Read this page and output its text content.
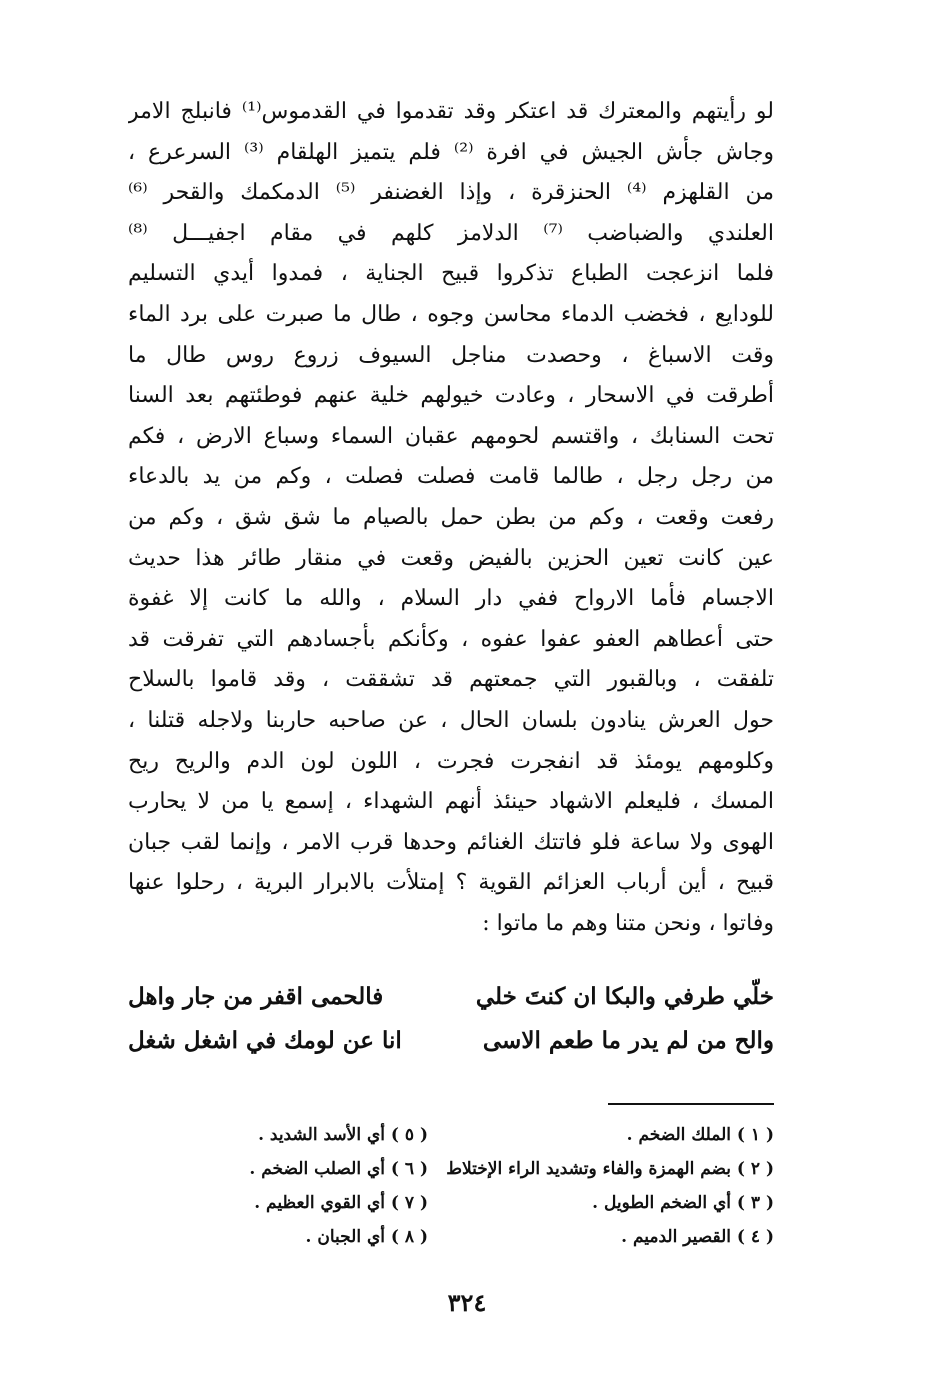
لو رأيتهم والمعترك قد اعتكر وقد تقدموا في القدموس⁽¹⁾ فانبلج الامر
وجاش جأش الجيش في افرة ⁽²⁾ فلم يتميز الهلقام ⁽³⁾ السرعرع ،
من القلهزم ⁽⁴⁾ الحنزقرة ، وإذا الغضنفر ⁽⁵⁾ الدمكمك والقحر ⁽⁶⁾
العلندي والضباضب ⁽⁷⁾ الدلامز كلهم في مقام اجفيـــل ⁽⁸⁾
فلما انزعجت الطباع تذكروا قبيح الجناية ، فمدوا أيدي التسليم
للودايع ، فخضب الدماء محاسن وجوه ، طال ما صبرت على برد الماء
وقت الاسباغ ، وحصدت مناجل السيوف زروع روس طال ما
أطرقت في الاسحار ، وعادت خيولهم خلية عنهم فوطئتهم بعد السنا
تحت السنابك ، واقتسم لحومهم عقبان السماء وسباع الارض ، فكم
من رجل رجل ، طالما قامت فصلت فصلت ، وكم من يد بالدعاء
رفعت وقعت ، وكم من بطن حمل بالصيام ما شق شق ، وكم من
عين كانت تعين الحزين بالفيض وقعت في منقار طائر هذا حديث
الاجسام فأما الارواح ففي دار السلام ، والله ما كانت إلا غفوة
حتى أعطاهم العفو عفوا عفوه ، وكأنكم بأجسادهم التي تفرقت قد
تلفقت ، وبالقبور التي جمعتهم قد تشققت ، وقد قاموا بالسلاح
حول العرش ينادون بلسان الحال ، عن صاحبه حاربنا ولاجله قتلنا ،
وكلومهم يومئذ قد انفجرت فجرت ، اللون لون الدم والريح ريح
المسك ، فليعلم الاشهاد حينئذ أنهم الشهداء ، إسمع يا من لا يحارب
الهوى ولا ساعة فلو فاتتك الغنائم وحدها قرب الامر ، وإنما لقب جبان
قبيح ، أين أرباب العزائم القوية ؟ إمتلأت بالابرار البرية ، رحلوا عنها
وفاتوا ، ونحن متنا وهم ما ماتوا :
خلّي طرفي والبكا ان كنتَ خلي
فالحمى اقفر من جار واهل
والح من لم يدر ما طعم الاسى
انا عن لومك في اشغل شغل
( ١ ) الملك الضخم .
( ٥ ) أي الأسد الشديد .
( ٢ ) بضم الهمزة والفاء وتشديد الراء الإختلاط
( ٦ ) أي الصلب الضخم .
( ٣ ) أي الضخم الطويل .
( ٧ ) أي القوي العظيم .
( ٤ ) القصير الدميم .
( ٨ ) أي الجبان .
٣٢٤
